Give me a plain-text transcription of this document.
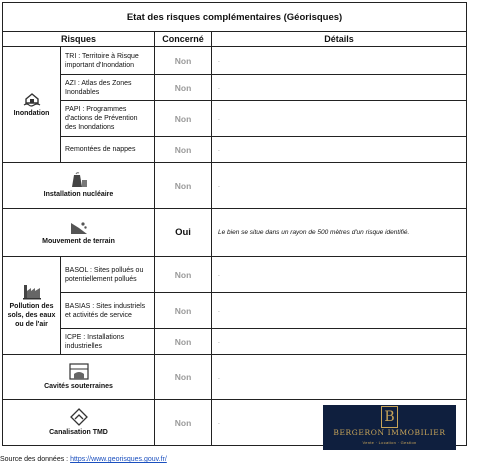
Etat des risques complémentaires (Géorisques)			
Risques		Concerné	Détails

Inondation	TRI : Territoire à Risque important d'Inondation	Non	.
	AZI : Atlas des Zones Inondables	Non	.
	PAPI : Programmes d'actions de Prévention des Inondations	Non	.
	Remontées de nappes	Non	.

Installation nucléaire		Non	.

Mouvement de terrain		Oui	Le bien se situe dans un rayon de 500 mètres d'un risque identifié.

Pollution des sols, des eaux ou de l'air	BASOL : Sites pollués ou potentiellement pollués	Non	.
	BASIAS : Sites industriels et activités de service	Non	.
	ICPE : Installations industrielles	Non	.

Cavités souterraines		Non	.

Canalisation TMD		Non	.
Source des données : https://www.georisques.gouv.fr/
B
BERGERON IMMOBILIER
Vente · Location · Gestion
